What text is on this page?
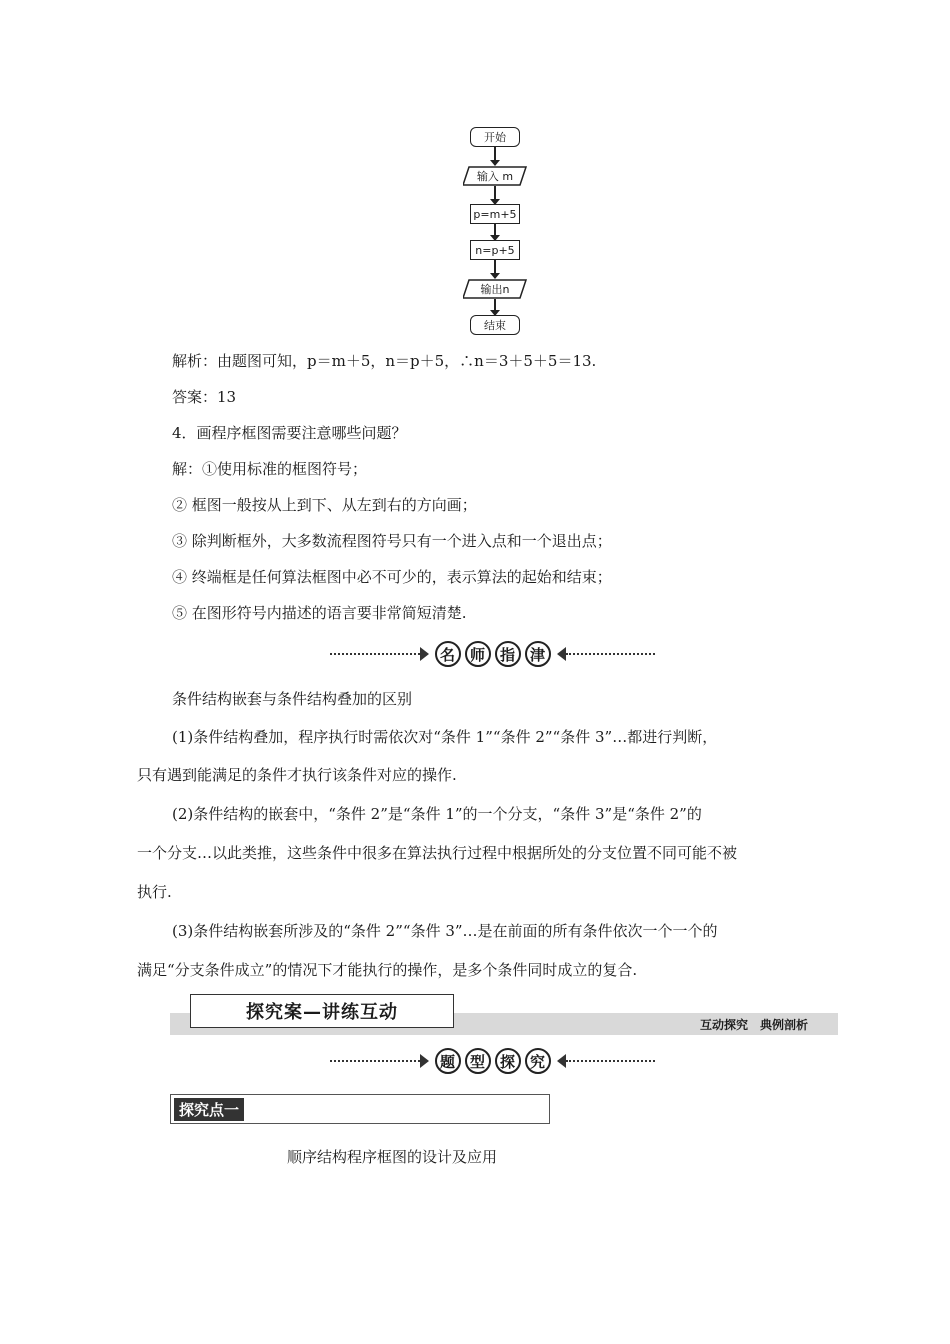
开始
输入 m
p=m+5
n=p+5
输出n
结束
解析：由题图可知，p＝m＋5，n＝p＋5，∴n＝3＋5＋5＝13.
答案：13
4．画程序框图需要注意哪些问题？
解：①使用标准的框图符号；
② 框图一般按从上到下、从左到右的方向画；
③ 除判断框外，大多数流程图符号只有一个进入点和一个退出点；
④ 终端框是任何算法框图中必不可少的，表示算法的起始和结束；
⑤ 在图形符号内描述的语言要非常简短清楚.
名 师 指 津
条件结构嵌套与条件结构叠加的区别
(1)条件结构叠加，程序执行时需依次对“条件 1”“条件 2”“条件 3”…都进行判断，
只有遇到能满足的条件才执行该条件对应的操作.
(2)条件结构的嵌套中，“条件 2”是“条件 1”的一个分支，“条件 3”是“条件 2”的
一个分支…以此类推，这些条件中很多在算法执行过程中根据所处的分支位置不同可能不被
执行.
(3)条件结构嵌套所涉及的“条件 2”“条件 3”…是在前面的所有条件依次一个一个的
满足“分支条件成立”的情况下才能执行的操作，是多个条件同时成立的复合.
探究案—讲练互动
互动探究　典例剖析
题 型 探 究
探究点一
顺序结构程序框图的设计及应用
